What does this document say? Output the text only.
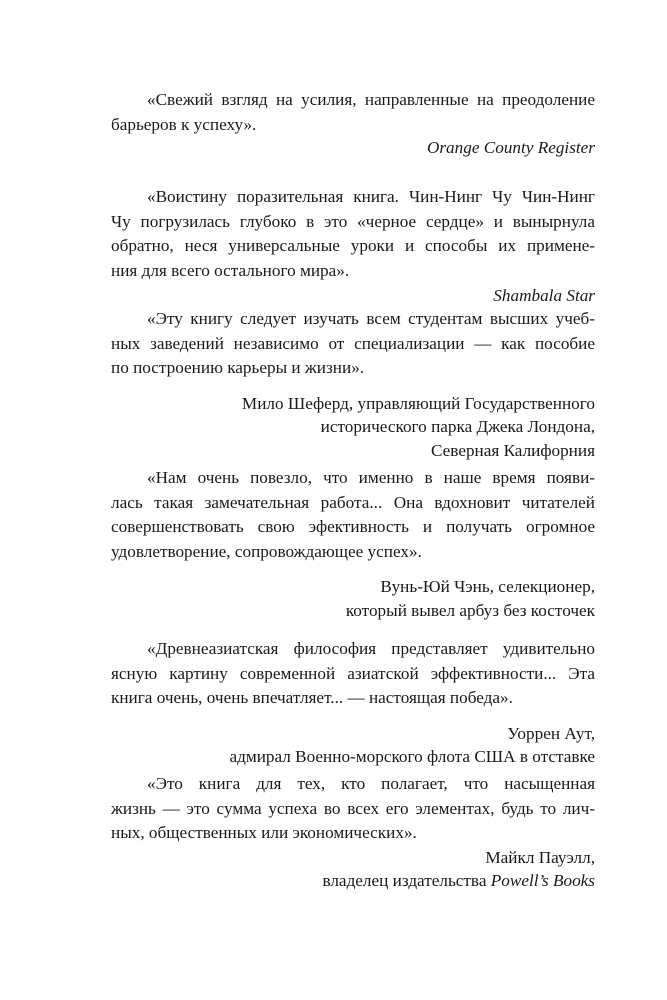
«Свежий взгляд на усилия, направленные на преодоление
барьеров к успеху».

Orange County Register

«Воистину поразительная книга. Чин-Нинг Чу Чин-Нинг
Чу погрузилась глубоко в это «черное сердце» и вынырнула
обратно, неся универсальные уроки и способы их примене-
ния для всего остального мира».

Shambala Star

«Эту книгу следует изучать всем студентам высших учеб-
ных заведений независимо от специализации — как пособие
по построению карьеры и жизни».

Мило Шеферд, управляющий Государственного
исторического парка Джека Лондона,
Северная Калифорния

«Нам очень повезло, что именно в наше время появи-
лась такая замечательная работа... Она вдохновит читателей
совершенствовать свою эфективность и получать огромное
удовлетворение, сопровождающее успех».

Вунь-Юй Чэнь, селекционер,
который вывел арбуз без косточек

«Древнеазиатская философия представляет удивительно
ясную картину современной азиатской эффективности... Эта
книга очень, очень впечатляет... — настоящая победа».

Уоррен Аут,
адмирал Военно-морского флота США в отставке

«Это книга для тех, кто полагает, что насыщенная
жизнь — это сумма успеха во всех его элементах, будь то лич-
ных, общественных или экономических».

Майкл Пауэлл,
владелец издательства Powell’s Books
